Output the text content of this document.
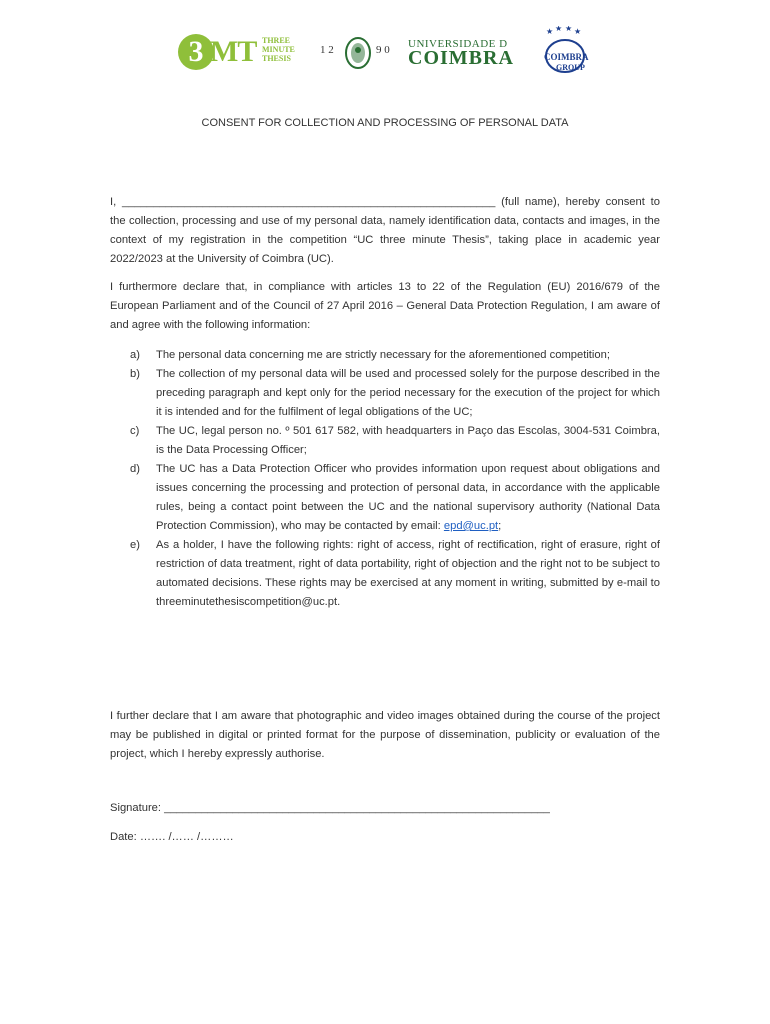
3 MT THREE
MINUTE
THESIS
1 2	9 0 UNIVERSIDADE D
COIMBRA
★ ★ ★ ★
COIMBRA
GROUP
CONSENT FOR COLLECTION AND PROCESSING OF PERSONAL DATA
I, ____________________________________________________________ (full name), hereby consent to the collection, processing and use of my personal data, namely identification data, contacts and images, in the context of my registration in the competition “UC three minute Thesis”, taking place in academic year 2022/2023 at the University of Coimbra (UC).
I furthermore declare that, in compliance with articles 13 to 22 of the Regulation (EU) 2016/679 of the European Parliament and of the Council of 27 April 2016 – General Data Protection Regulation, I am aware of and agree with the following information:
a) The personal data concerning me are strictly necessary for the aforementioned competition;
b) The collection of my personal data will be used and processed solely for the purpose described in the preceding paragraph and kept only for the period necessary for the execution of the project for which it is intended and for the fulfilment of legal obligations of the UC;
c) The UC, legal person no. º 501 617 582, with headquarters in Paço das Escolas, 3004-531 Coimbra, is the Data Processing Officer;
d) The UC has a Data Protection Officer who provides information upon request about obligations and issues concerning the processing and protection of personal data, in accordance with the applicable rules, being a contact point between the UC and the national supervisory authority (National Data Protection Commission), who may be contacted by email: epd@uc.pt;
e) As a holder, I have the following rights: right of access, right of rectification, right of erasure, right of restriction of data treatment, right of data portability, right of objection and the right not to be subject to automated decisions. These rights may be exercised at any moment in writing, submitted by e-mail to threeminutethesiscompetition@uc.pt.
I further declare that I am aware that photographic and video images obtained during the course of the project may be published in digital or printed format for the purpose of dissemination, publicity or evaluation of the project, which I hereby expressly authorise.
Signature: ______________________________________________________________
Date: ……. /…… /………
